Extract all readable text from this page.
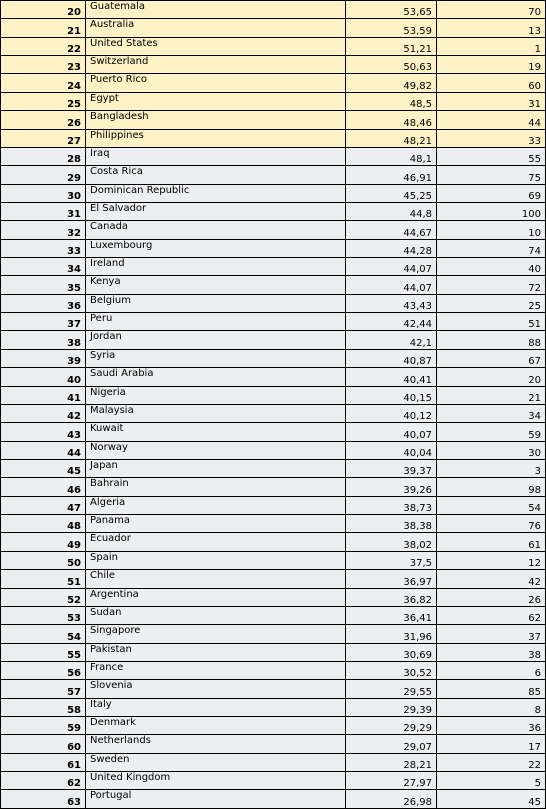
20	Guatemala	53,65	70
21	Australia	53,59	13
22	United States	51,21	1
23	Switzerland	50,63	19
24	Puerto Rico	49,82	60
25	Egypt	48,5	31
26	Bangladesh	48,46	44
27	Philippines	48,21	33
28	Iraq	48,1	55
29	Costa Rica	46,91	75
30	Dominican Republic	45,25	69
31	El Salvador	44,8	100
32	Canada	44,67	10
33	Luxembourg	44,28	74
34	Ireland	44,07	40
35	Kenya	44,07	72
36	Belgium	43,43	25
37	Peru	42,44	51
38	Jordan	42,1	88
39	Syria	40,87	67
40	Saudi Arabia	40,41	20
41	Nigeria	40,15	21
42	Malaysia	40,12	34
43	Kuwait	40,07	59
44	Norway	40,04	30
45	Japan	39,37	3
46	Bahrain	39,26	98
47	Algeria	38,73	54
48	Panama	38,38	76
49	Ecuador	38,02	61
50	Spain	37,5	12
51	Chile	36,97	42
52	Argentina	36,82	26
53	Sudan	36,41	62
54	Singapore	31,96	37
55	Pakistan	30,69	38
56	France	30,52	6
57	Slovenia	29,55	85
58	Italy	29,39	8
59	Denmark	29,29	36
60	Netherlands	29,07	17
61	Sweden	28,21	22
62	United Kingdom	27,97	5
63	Portugal	26,98	45
